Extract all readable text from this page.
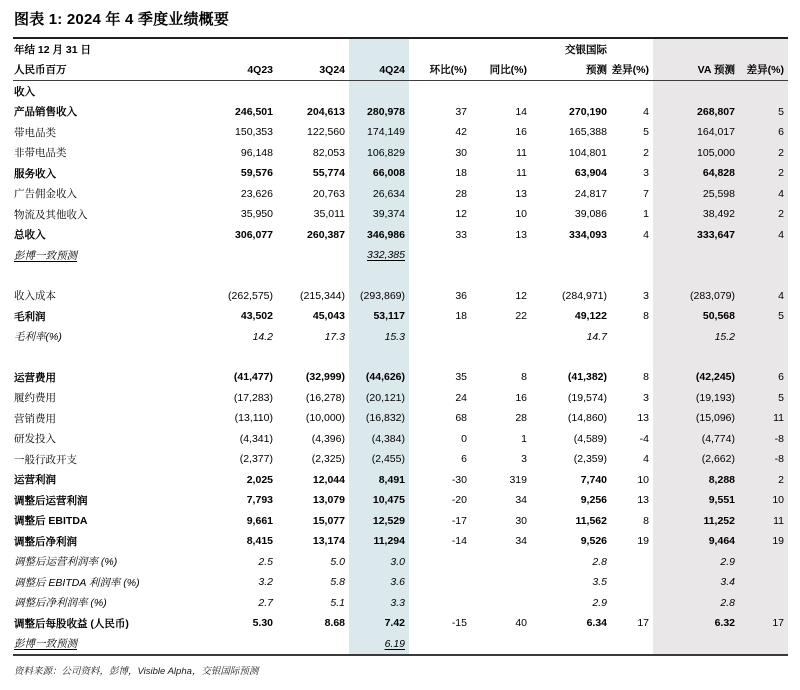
图表 1: 2024 年 4 季度业绩概要
年结 12 月 31 日						交银国际			
人民币百万	4Q23	3Q24	4Q24	环比(%)	同比(%)	预测	差异(%)	VA 预测	差异(%)
收入									
产品销售收入	246,501	204,613	280,978	37	14	270,190	4	268,807	5
带电品类	150,353	122,560	174,149	42	16	165,388	5	164,017	6
非带电品类	96,148	82,053	106,829	30	11	104,801	2	105,000	2
服务收入	59,576	55,774	66,008	18	11	63,904	3	64,828	2
广告佣金收入	23,626	20,763	26,634	28	13	24,817	7	25,598	4
物流及其他收入	35,950	35,011	39,374	12	10	39,086	1	38,492	2
总收入	306,077	260,387	346,986	33	13	334,093	4	333,647	4
彭博一致预测			332,385						

收入成本	(262,575)	(215,344)	(293,869)	36	12	(284,971)	3	(283,079)	4
毛利润	43,502	45,043	53,117	18	22	49,122	8	50,568	5
毛利率(%)	14.2	17.3	15.3			14.7		15.2	

运营费用	(41,477)	(32,999)	(44,626)	35	8	(41,382)	8	(42,245)	6
履约费用	(17,283)	(16,278)	(20,121)	24	16	(19,574)	3	(19,193)	5
营销费用	(13,110)	(10,000)	(16,832)	68	28	(14,860)	13	(15,096)	11
研发投入	(4,341)	(4,396)	(4,384)	0	1	(4,589)	-4	(4,774)	-8
一般行政开支	(2,377)	(2,325)	(2,455)	6	3	(2,359)	4	(2,662)	-8
运营利润	2,025	12,044	8,491	-30	319	7,740	10	8,288	2
调整后运营利润	7,793	13,079	10,475	-20	34	9,256	13	9,551	10
调整后 EBITDA	9,661	15,077	12,529	-17	30	11,562	8	11,252	11
调整后净利润	8,415	13,174	11,294	-14	34	9,526	19	9,464	19
调整后运营利润率 (%)	2.5	5.0	3.0			2.8		2.9	
调整后 EBITDA 利润率 (%)	3.2	5.8	3.6			3.5		3.4	
调整后净利润率 (%)	2.7	5.1	3.3			2.9		2.8	
调整后每股收益 (人民币)	5.30	8.68	7.42	-15	40	6.34	17	6.32	17
彭博一致预测			6.19						
资料来源：公司资料，彭博，Visible Alpha，交银国际预测
